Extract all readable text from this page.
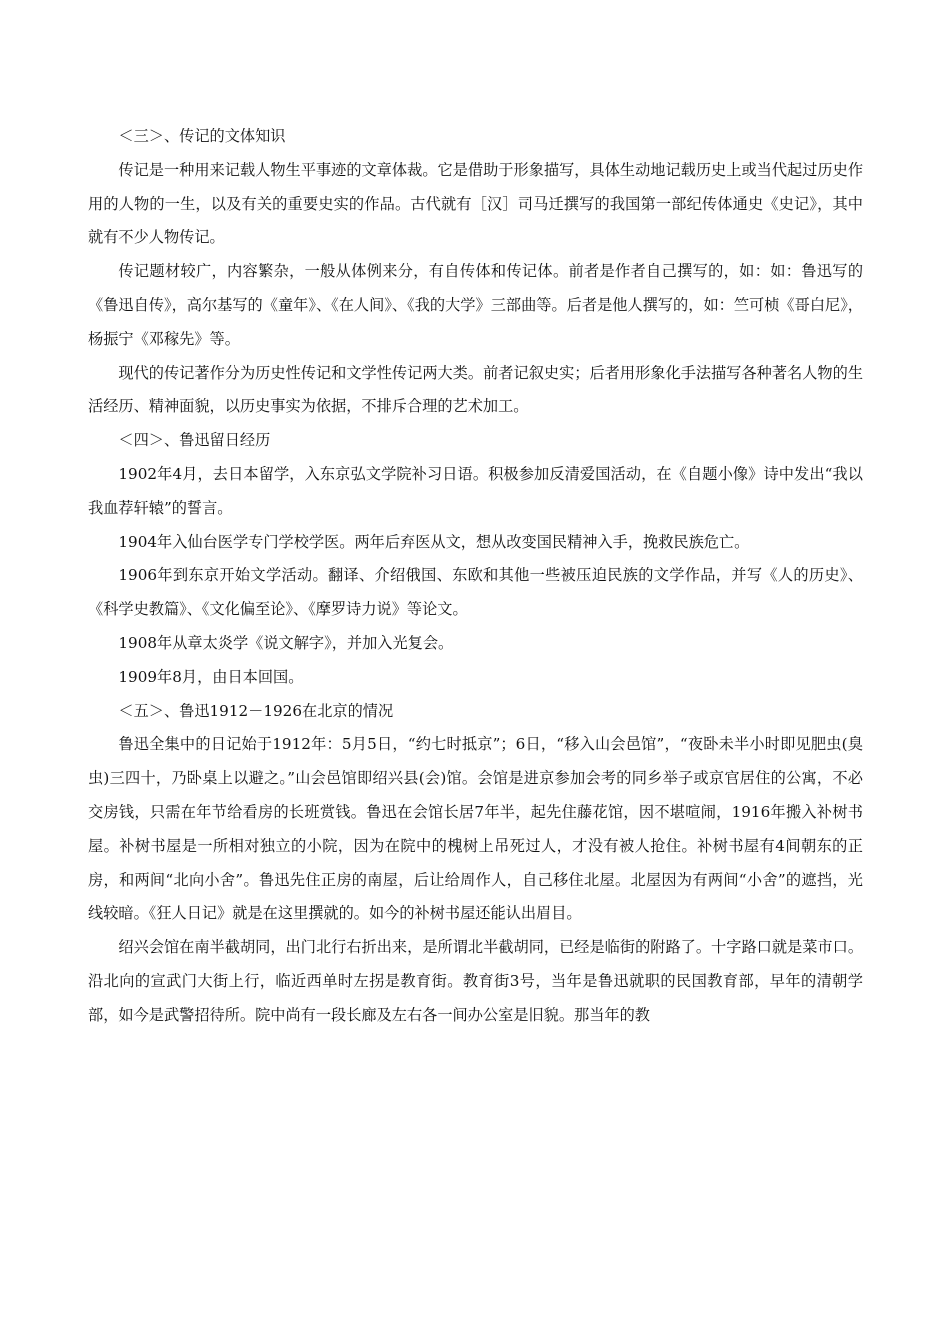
＜三＞、传记的文体知识

传记是一种用来记载人物生平事迹的文章体裁。它是借助于形象描写，具体生动地记载历史上或当代起过历史作用的人物的一生，以及有关的重要史实的作品。古代就有［汉］司马迁撰写的我国第一部纪传体通史《史记》，其中就有不少人物传记。

传记题材较广，内容繁杂，一般从体例来分，有自传体和传记体。前者是作者自己撰写的，如：如：鲁迅写的《鲁迅自传》，高尔基写的《童年》、《在人间》、《我的大学》三部曲等。后者是他人撰写的，如：竺可桢《哥白尼》，杨振宁《邓稼先》等。

现代的传记著作分为历史性传记和文学性传记两大类。前者记叙史实；后者用形象化手法描写各种著名人物的生活经历、精神面貌，以历史事实为依据，不排斥合理的艺术加工。

＜四＞、鲁迅留日经历

1902年4月，去日本留学，入东京弘文学院补习日语。积极参加反清爱国活动，在《自题小像》诗中发出“我以我血荐轩辕”的誓言。

1904年入仙台医学专门学校学医。两年后弃医从文，想从改变国民精神入手，挽救民族危亡。

1906年到东京开始文学活动。翻译、介绍俄国、东欧和其他一些被压迫民族的文学作品，并写《人的历史》、《科学史教篇》、《文化偏至论》、《摩罗诗力说》等论文。

1908年从章太炎学《说文解字》，并加入光复会。

1909年8月，由日本回国。

＜五＞、鲁迅1912－1926在北京的情况

鲁迅全集中的日记始于1912年：5月5日，“约七时抵京”；6日，“移入山会邑馆”，“夜卧未半小时即见肥虫(臭虫)三四十，乃卧桌上以避之。”山会邑馆即绍兴县(会)馆。会馆是进京参加会考的同乡举子或京官居住的公寓，不必交房钱，只需在年节给看房的长班赏钱。鲁迅在会馆长居7年半，起先住藤花馆，因不堪喧闹，1916年搬入补树书屋。补树书屋是一所相对独立的小院，因为在院中的槐树上吊死过人，才没有被人抢住。补树书屋有4间朝东的正房，和两间“北向小舍”。鲁迅先住正房的南屋，后让给周作人，自己移住北屋。北屋因为有两间“小舍”的遮挡，光线较暗。《狂人日记》就是在这里撰就的。如今的补树书屋还能认出眉目。

绍兴会馆在南半截胡同，出门北行右折出来，是所谓北半截胡同，已经是临街的附路了。十字路口就是菜市口。沿北向的宣武门大街上行，临近西单时左拐是教育街。教育街3号，当年是鲁迅就职的民国教育部，早年的清朝学部，如今是武警招待所。院中尚有一段长廊及左右各一间办公室是旧貌。那当年的教
